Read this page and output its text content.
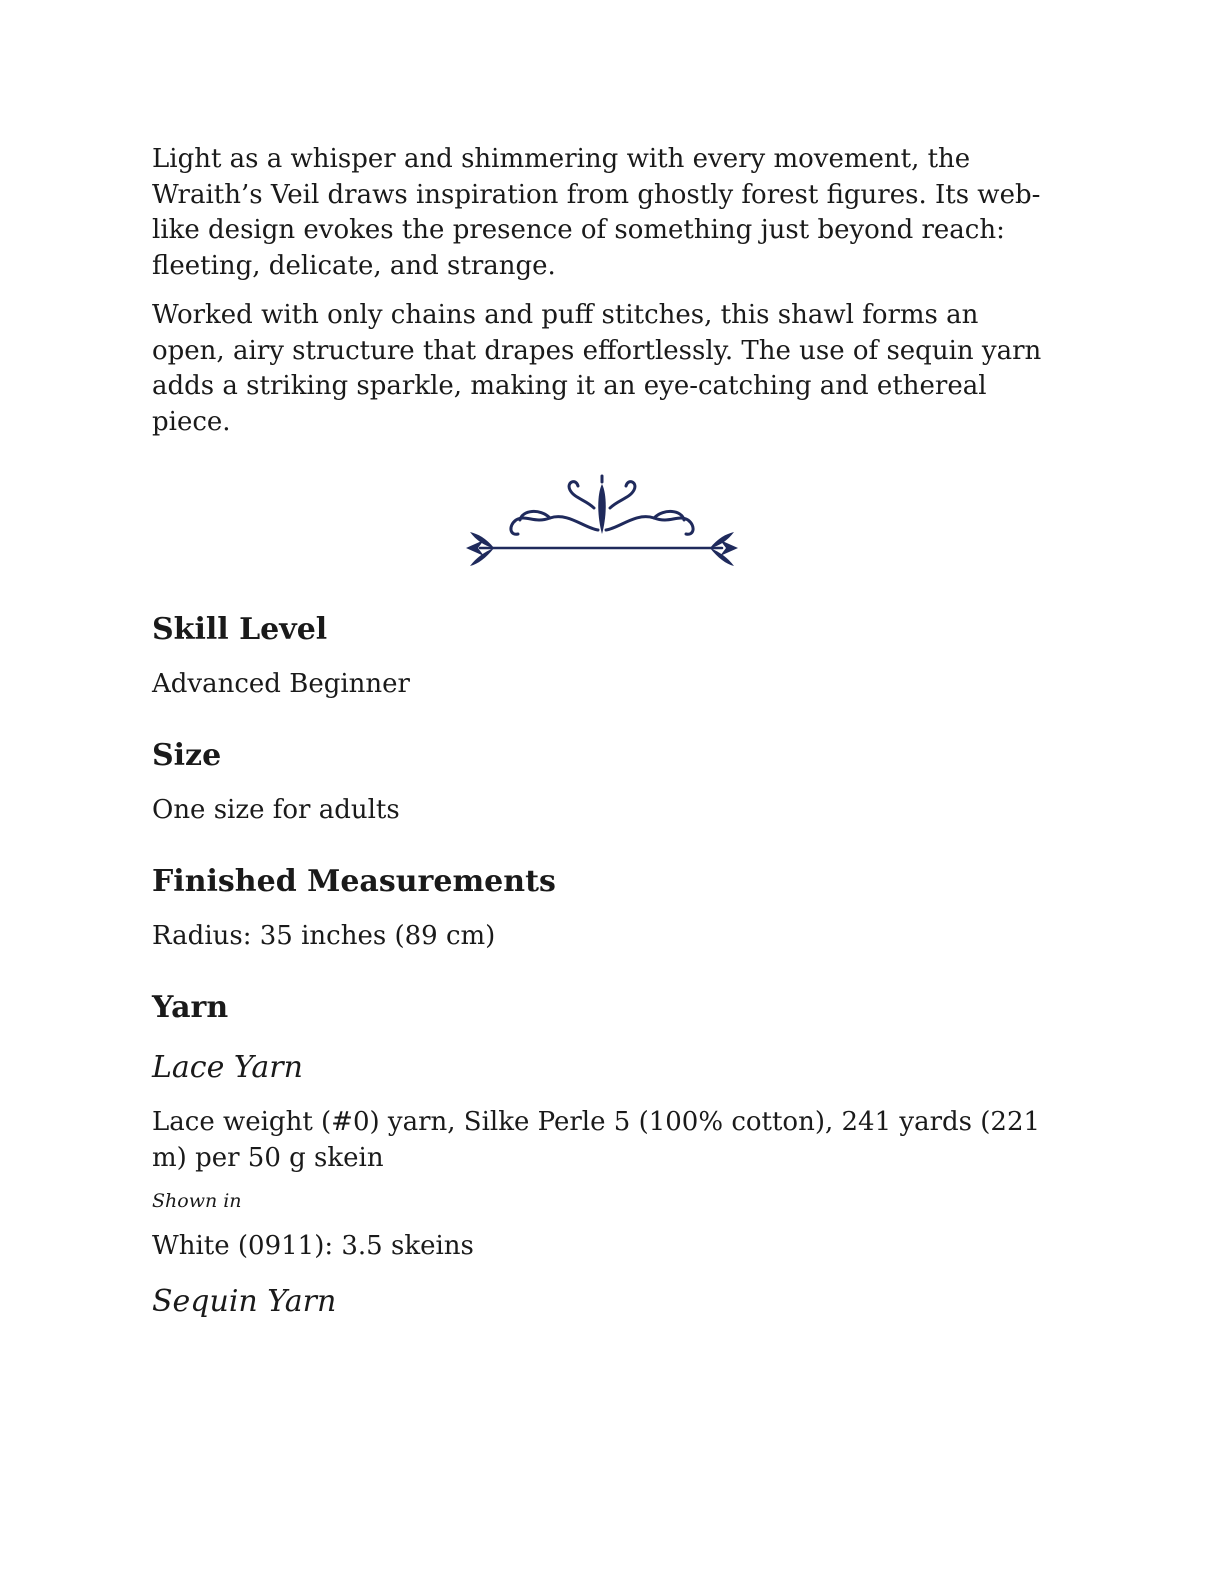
Light as a whisper and shimmering with every movement, the Wraith’s Veil draws inspiration from ghostly forest figures. Its web-like design evokes the presence of something just beyond reach: fleeting, delicate, and strange.

Worked with only chains and puff stitches, this shawl forms an open, airy structure that drapes effortlessly. The use of sequin yarn adds a striking sparkle, making it an eye-catching and ethereal piece.

Skill Level

Advanced Beginner

Size

One size for adults

Finished Measurements

Radius: 35 inches (89 cm)

Yarn
Lace Yarn

Lace weight (#0) yarn, Silke Perle 5 (100% cotton), 241 yards (221 m) per 50 g skein

Shown in

White (0911): 3.5 skeins

Sequin Yarn
